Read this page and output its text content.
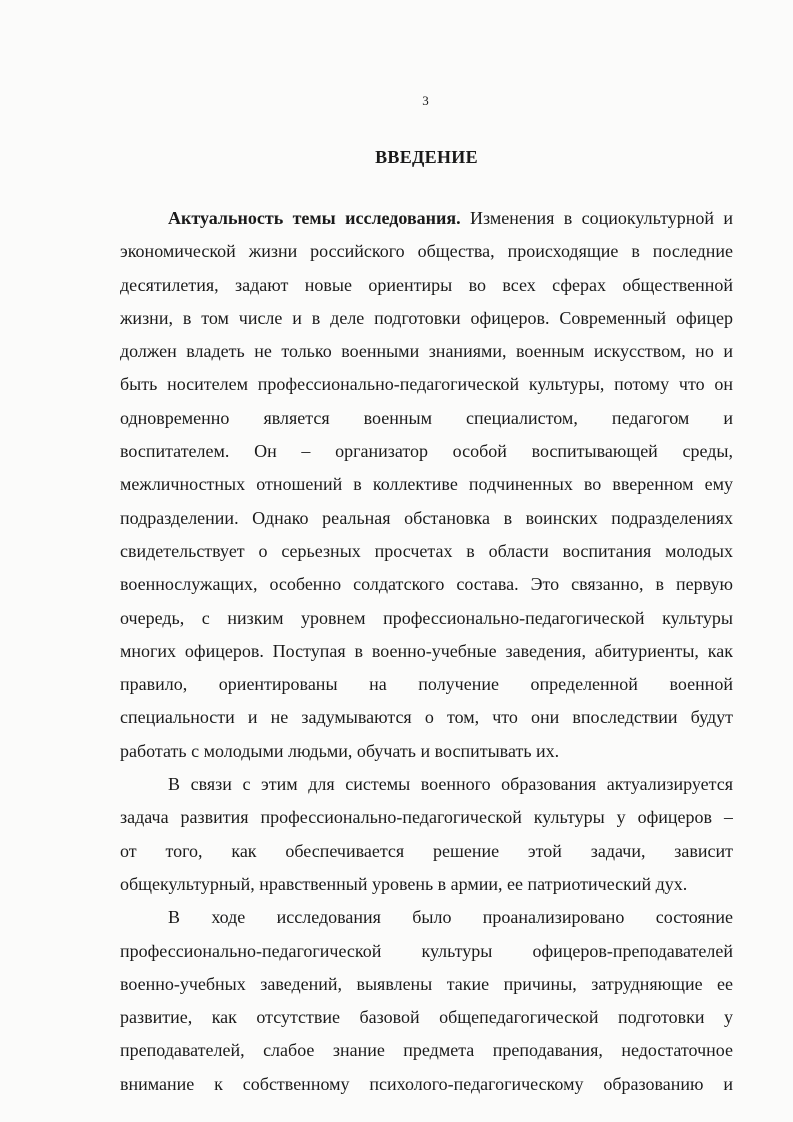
3
ВВЕДЕНИЕ
Актуальность темы исследования. Изменения в социокультурной и
экономической жизни российского общества, происходящие в последние
десятилетия, задают новые ориентиры во всех сферах общественной
жизни, в том числе и в деле подготовки офицеров. Современный офицер
должен владеть не только военными знаниями, военным искусством, но и
быть носителем профессионально-педагогической культуры, потому что он
одновременно является военным специалистом, педагогом и
воспитателем. Он – организатор особой воспитывающей среды,
межличностных отношений в коллективе подчиненных во вверенном ему
подразделении. Однако реальная обстановка в воинских подразделениях
свидетельствует о серьезных просчетах в области воспитания молодых
военнослужащих, особенно солдатского состава. Это связанно, в первую
очередь, с низким уровнем профессионально-педагогической культуры
многих офицеров. Поступая в военно-учебные заведения, абитуриенты, как
правило, ориентированы на получение определенной военной
специальности и не задумываются о том, что они впоследствии будут
работать с молодыми людьми, обучать и воспитывать их.
В связи с этим для системы военного образования актуализируется
задача развития профессионально-педагогической культуры у офицеров –
от того, как обеспечивается решение этой задачи, зависит
общекультурный, нравственный уровень в армии, ее патриотический дух.
В ходе исследования было проанализировано состояние
профессионально-педагогической культуры офицеров-преподавателей
военно-учебных заведений, выявлены такие причины, затрудняющие ее
развитие, как отсутствие базовой общепедагогической подготовки у
преподавателей, слабое знание предмета преподавания, недостаточное
внимание к собственному психолого-педагогическому образованию и
